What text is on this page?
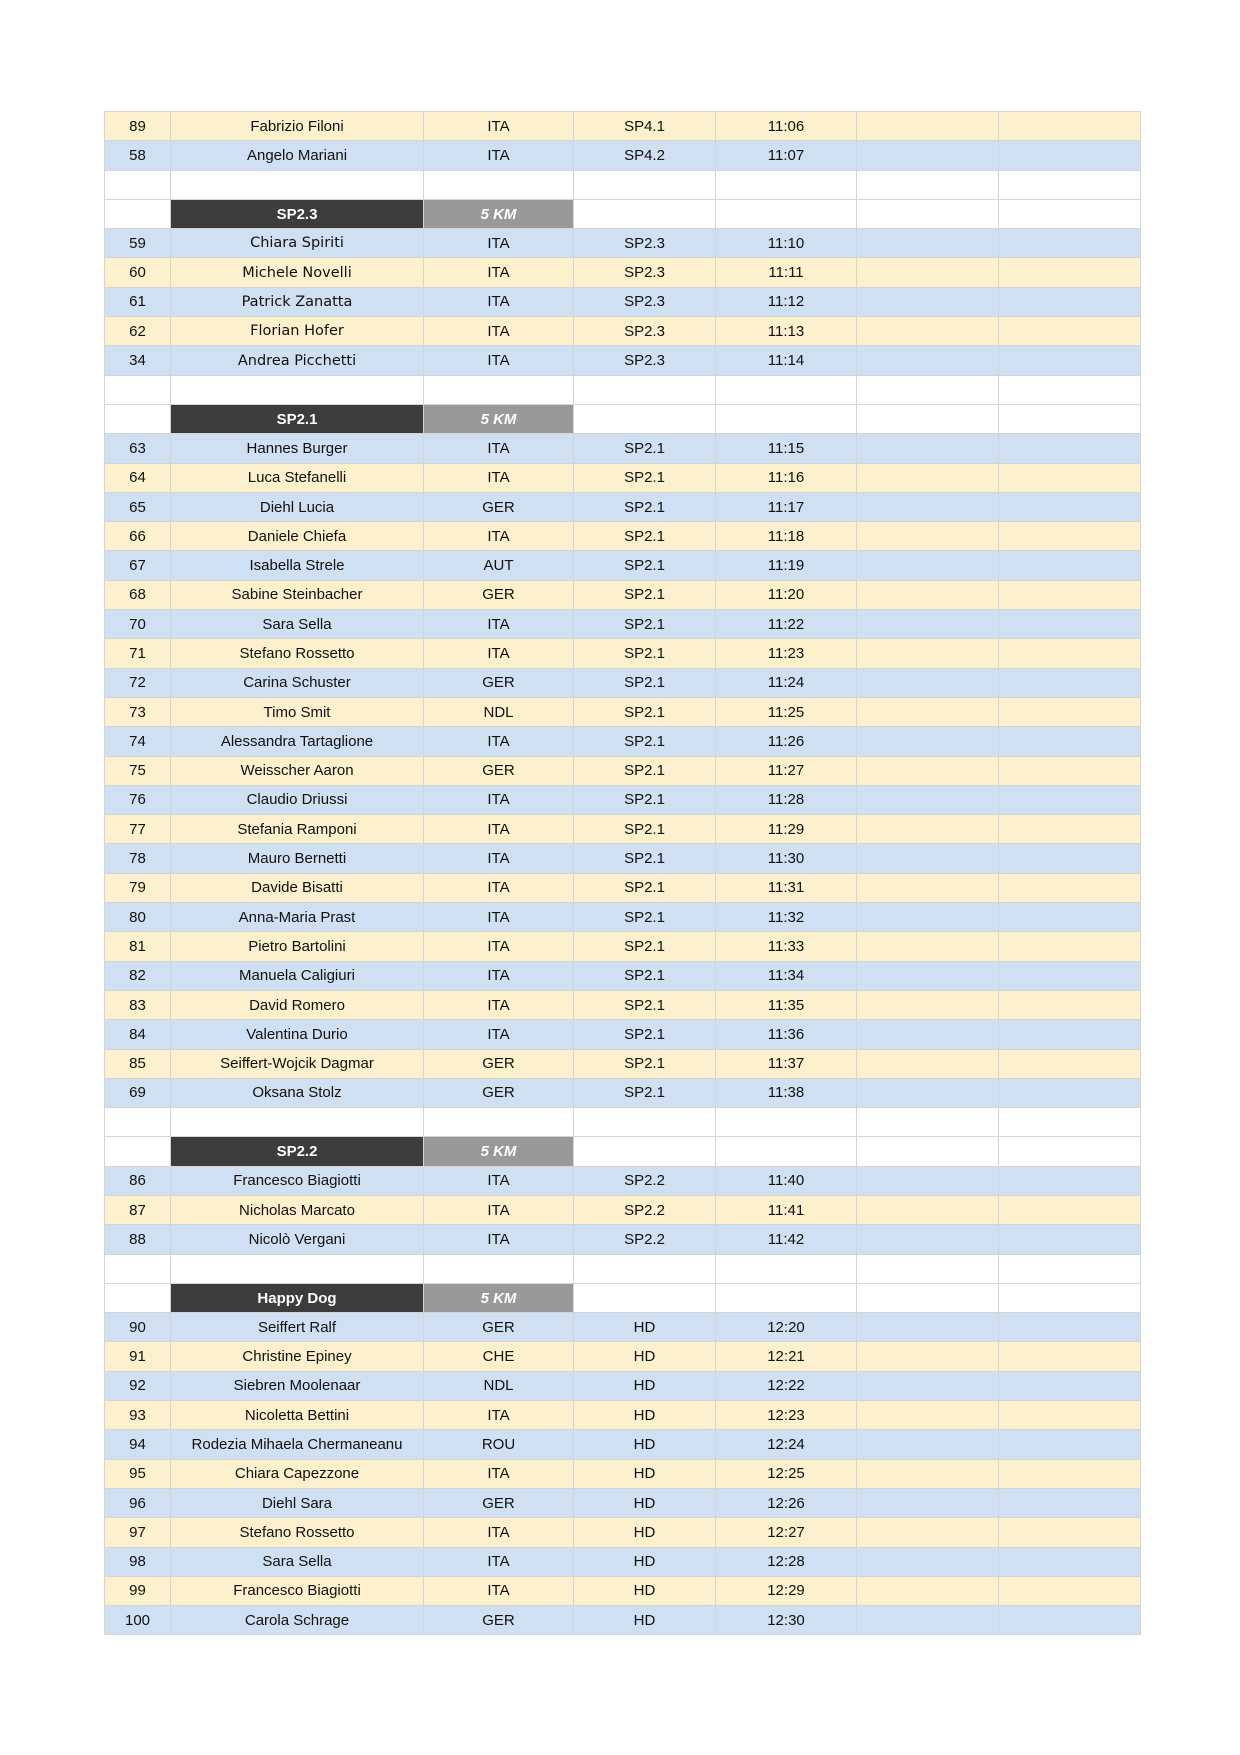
89	Fabrizio Filoni	ITA	SP4.1	11:06		
58	Angelo Mariani	ITA	SP4.2	11:07		

	SP2.3	5 KM				
59	Chiara Spiriti	ITA	SP2.3	11:10		
60	Michele Novelli	ITA	SP2.3	11:11		
61	Patrick Zanatta	ITA	SP2.3	11:12		
62	Florian Hofer	ITA	SP2.3	11:13		
34	Andrea Picchetti	ITA	SP2.3	11:14		

	SP2.1	5 KM				
63	Hannes Burger	ITA	SP2.1	11:15		
64	Luca Stefanelli	ITA	SP2.1	11:16		
65	Diehl Lucia	GER	SP2.1	11:17		
66	Daniele Chiefa	ITA	SP2.1	11:18		
67	Isabella Strele	AUT	SP2.1	11:19		
68	Sabine Steinbacher	GER	SP2.1	11:20		
70	Sara Sella	ITA	SP2.1	11:22		
71	Stefano Rossetto	ITA	SP2.1	11:23		
72	Carina Schuster	GER	SP2.1	11:24		
73	Timo Smit	NDL	SP2.1	11:25		
74	Alessandra Tartaglione	ITA	SP2.1	11:26		
75	Weisscher Aaron	GER	SP2.1	11:27		
76	Claudio Driussi	ITA	SP2.1	11:28		
77	Stefania Ramponi	ITA	SP2.1	11:29		
78	Mauro Bernetti	ITA	SP2.1	11:30		
79	Davide Bisatti	ITA	SP2.1	11:31		
80	Anna-Maria Prast	ITA	SP2.1	11:32		
81	Pietro Bartolini	ITA	SP2.1	11:33		
82	Manuela Caligiuri	ITA	SP2.1	11:34		
83	David Romero	ITA	SP2.1	11:35		
84	Valentina Durio	ITA	SP2.1	11:36		
85	Seiffert-Wojcik Dagmar	GER	SP2.1	11:37		
69	Oksana Stolz	GER	SP2.1	11:38		

	SP2.2	5 KM				
86	Francesco Biagiotti	ITA	SP2.2	11:40		
87	Nicholas Marcato	ITA	SP2.2	11:41		
88	Nicolò Vergani	ITA	SP2.2	11:42		

	Happy Dog	5 KM				
90	Seiffert Ralf	GER	HD	12:20		
91	Christine Epiney	CHE	HD	12:21		
92	Siebren Moolenaar	NDL	HD	12:22		
93	Nicoletta Bettini	ITA	HD	12:23		
94	Rodezia Mihaela Chermaneanu	ROU	HD	12:24		
95	Chiara Capezzone	ITA	HD	12:25		
96	Diehl Sara	GER	HD	12:26		
97	Stefano Rossetto	ITA	HD	12:27		
98	Sara Sella	ITA	HD	12:28		
99	Francesco Biagiotti	ITA	HD	12:29		
100	Carola Schrage	GER	HD	12:30		
